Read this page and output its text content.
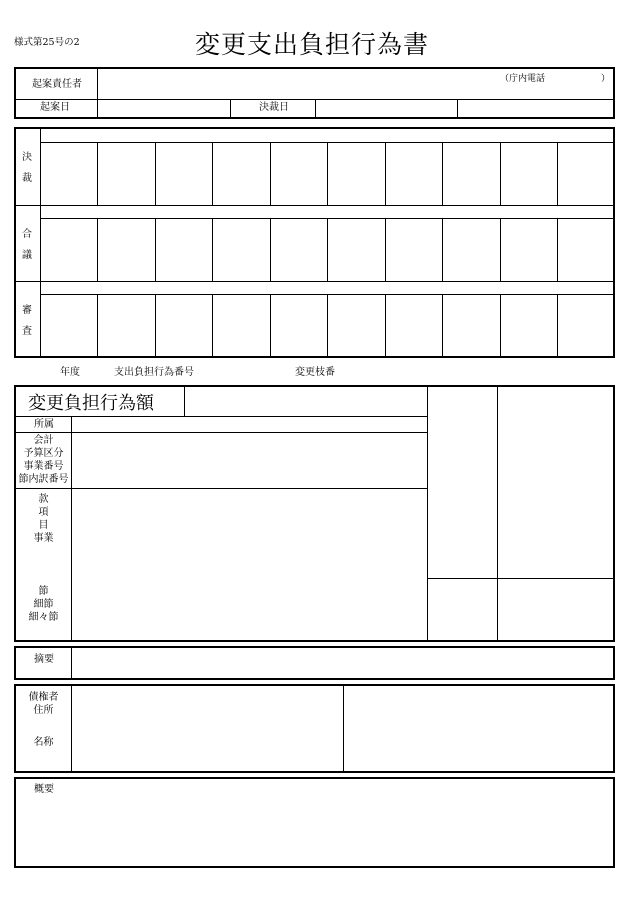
様式第25号の2	変更支出負担行為書
起案責任者	（庁内電話	）
起案日	決裁日
決
裁
合
議
審
査
年度	支出負担行為番号	変更枝番
変更負担行為額
所属
会計
予算区分
事業番号
節内訳番号
款
項
目
事業
節
細節
細々節
摘要
債権者
住所
名称
概要
